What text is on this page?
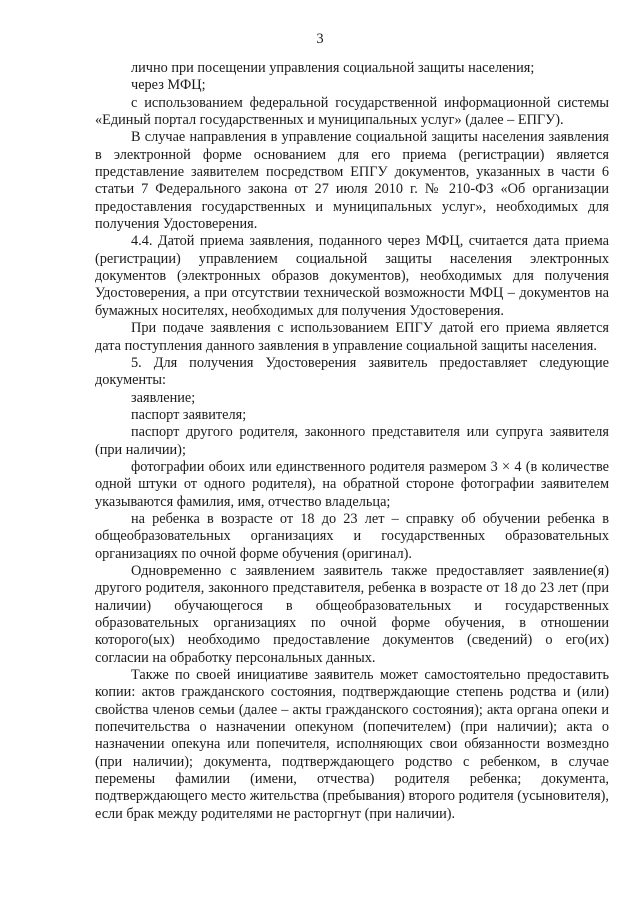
3

лично при посещении управления социальной защиты населения;

через МФЦ;

с использованием федеральной государственной информационной системы «Единый портал государственных и муниципальных услуг» (далее – ЕПГУ).

В случае направления в управление социальной защиты населения заявления в электронной форме основанием для его приема (регистрации) является представление заявителем посредством ЕПГУ документов, указанных в части 6 статьи 7 Федерального закона от 27 июля 2010 г. № 210-ФЗ «Об организации предоставления государственных и муниципальных услуг», необходимых для получения Удостоверения.

4.4. Датой приема заявления, поданного через МФЦ, считается дата приема (регистрации) управлением социальной защиты населения электронных документов (электронных образов документов), необходимых для получения Удостоверения, а при отсутствии технической возможности МФЦ – документов на бумажных носителях, необходимых для получения Удостоверения.

При подаче заявления с использованием ЕПГУ датой его приема является дата поступления данного заявления в управление социальной защиты населения.

5. Для получения Удостоверения заявитель предоставляет следующие документы:

заявление;

паспорт заявителя;

паспорт другого родителя, законного представителя или супруга заявителя (при наличии);

фотографии обоих или единственного родителя размером 3 × 4 (в количестве одной штуки от одного родителя), на обратной стороне фотографии заявителем указываются фамилия, имя, отчество владельца;

на ребенка в возрасте от 18 до 23 лет – справку об обучении ребенка в общеобразовательных организациях и государственных образовательных организациях по очной форме обучения (оригинал).

Одновременно с заявлением заявитель также предоставляет заявление(я) другого родителя, законного представителя, ребенка в возрасте от 18 до 23 лет (при наличии) обучающегося в общеобразовательных и государственных образовательных организациях по очной форме обучения, в отношении которого(ых) необходимо предоставление документов (сведений) о его(их) согласии на обработку персональных данных.

Также по своей инициативе заявитель может самостоятельно предоставить копии: актов гражданского состояния, подтверждающие степень родства и (или) свойства членов семьи (далее – акты гражданского состояния); акта органа опеки и попечительства о назначении опекуном (попечителем) (при наличии); акта о назначении опекуна или попечителя, исполняющих свои обязанности возмездно (при наличии); документа, подтверждающего родство с ребенком, в случае перемены фамилии (имени, отчества) родителя ребенка; документа, подтверждающего место жительства (пребывания) второго родителя (усыновителя), если брак между родителями не расторгнут (при наличии).
